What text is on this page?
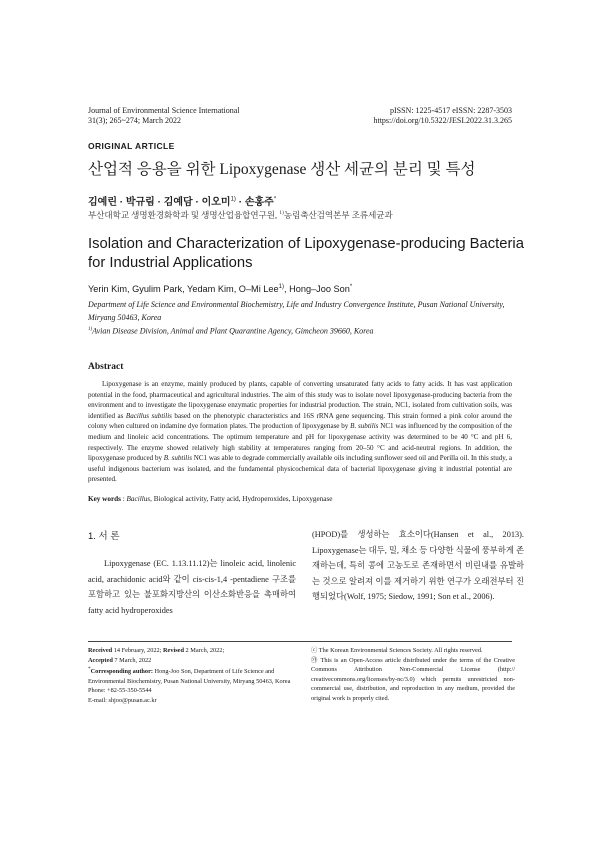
Journal of Environmental Science International
31(3); 265~274; March 2022
pISSN: 1225-4517 eISSN: 2287-3503
https://doi.org/10.5322/JESI.2022.31.3.265
ORIGINAL ARTICLE
산업적 응용을 위한 Lipoxygenase 생산 세균의 분리 및 특성
김예린 · 박규림 · 김예담 · 이오미$^{1)}$ · 손홍주*
부산대학교 생명환경화학과 및 생명산업융합연구원, $^{1)}$농림축산검역본부 조류세균과
Isolation and Characterization of Lipoxygenase-producing Bacteria for Industrial Applications
Yerin Kim, Gyulim Park, Yedam Kim, O–Mi Lee$^{1)}$, Hong–Joo Son*
Department of Life Science and Environmental Biochemistry, Life and Industry Convergence Institute, Pusan National University, Miryang 50463, Korea
$^{1)}$Avian Disease Division, Animal and Plant Quarantine Agency, Gimcheon 39660, Korea
Abstract
Lipoxygenase is an enzyme, mainly produced by plants, capable of converting unsaturated fatty acids to fatty acids. It has vast application potential in the food, pharmaceutical and agricultural industries. The aim of this study was to isolate novel lipoxygenase-producing bacteria from the environment and to investigate the lipoxygenase enzymatic properties for industrial production. The strain, NC1, isolated from cultivation soils, was identified as Bacillus subtilis based on the phenotypic characteristics and 16S rRNA gene sequencing. This strain formed a pink color around the colony when cultured on indamine dye formation plates. The production of lipoxygenase by B. subtilis NC1 was influenced by the composition of the medium and linoleic acid concentrations. The optimum temperature and pH for lipoxygenase activity was determined to be 40 °C and pH 6, respectively. The enzyme showed relatively high stability at temperatures ranging from 20–50 °C and acid-neutral regions. In addition, the lipoxygenase produced by B. subtilis NC1 was able to degrade commercially available oils including sunflower seed oil and Perilla oil. In this study, a useful indigenous bacterium was isolated, and the fundamental physicochemical data of bacterial lipoxygenase giving it industrial potential are presented.
Key words : Bacillus, Biological activity, Fatty acid, Hydroperoxides, Lipoxygenase
1. 서 론
Lipoxygenase (EC. 1.13.11.12)는 linoleic acid, linolenic acid, arachidonic acid와 같이 cis-cis-1,4 -pentadiene 구조를 포함하고 있는 불포화지방산의 이산소화반응을 촉매하여 fatty acid hydroperoxides
(HPOD)를 생성하는 효소이다(Hansen et al., 2013). Lipoxygenase는 대두, 밀, 채소 등 다양한 식물에 풍부하게 존재하는데, 특히 콩에 고농도로 존재하면서 비린내를 유발하는 것으로 알려져 이를 제거하기 위한 연구가 오래전부터 진행되었다(Wolf, 1975; Siedow, 1991; Son et al., 2006).
Received 14 February, 2022; Revised 2 March, 2022;
Accepted 7 March, 2022
*Corresponding author: Hong-Joo Son, Department of Life Science and Environmental Biochemistry, Pusan National University, Miryang 50463, Korea
Phone: +82-55-350-5544
E-mail: shjoo@pusan.ac.kr
ⓒ The Korean Environmental Sciences Society. All rights reserved.
㉮ This is an Open-Access article distributed under the terms of the Creative Commons Attribution Non-Commercial License (http:// creativecommons.org/licenses/by-nc/3.0) which permits unrestricted non-commercial use, distribution, and reproduction in any medium, provided the original work is properly cited.
